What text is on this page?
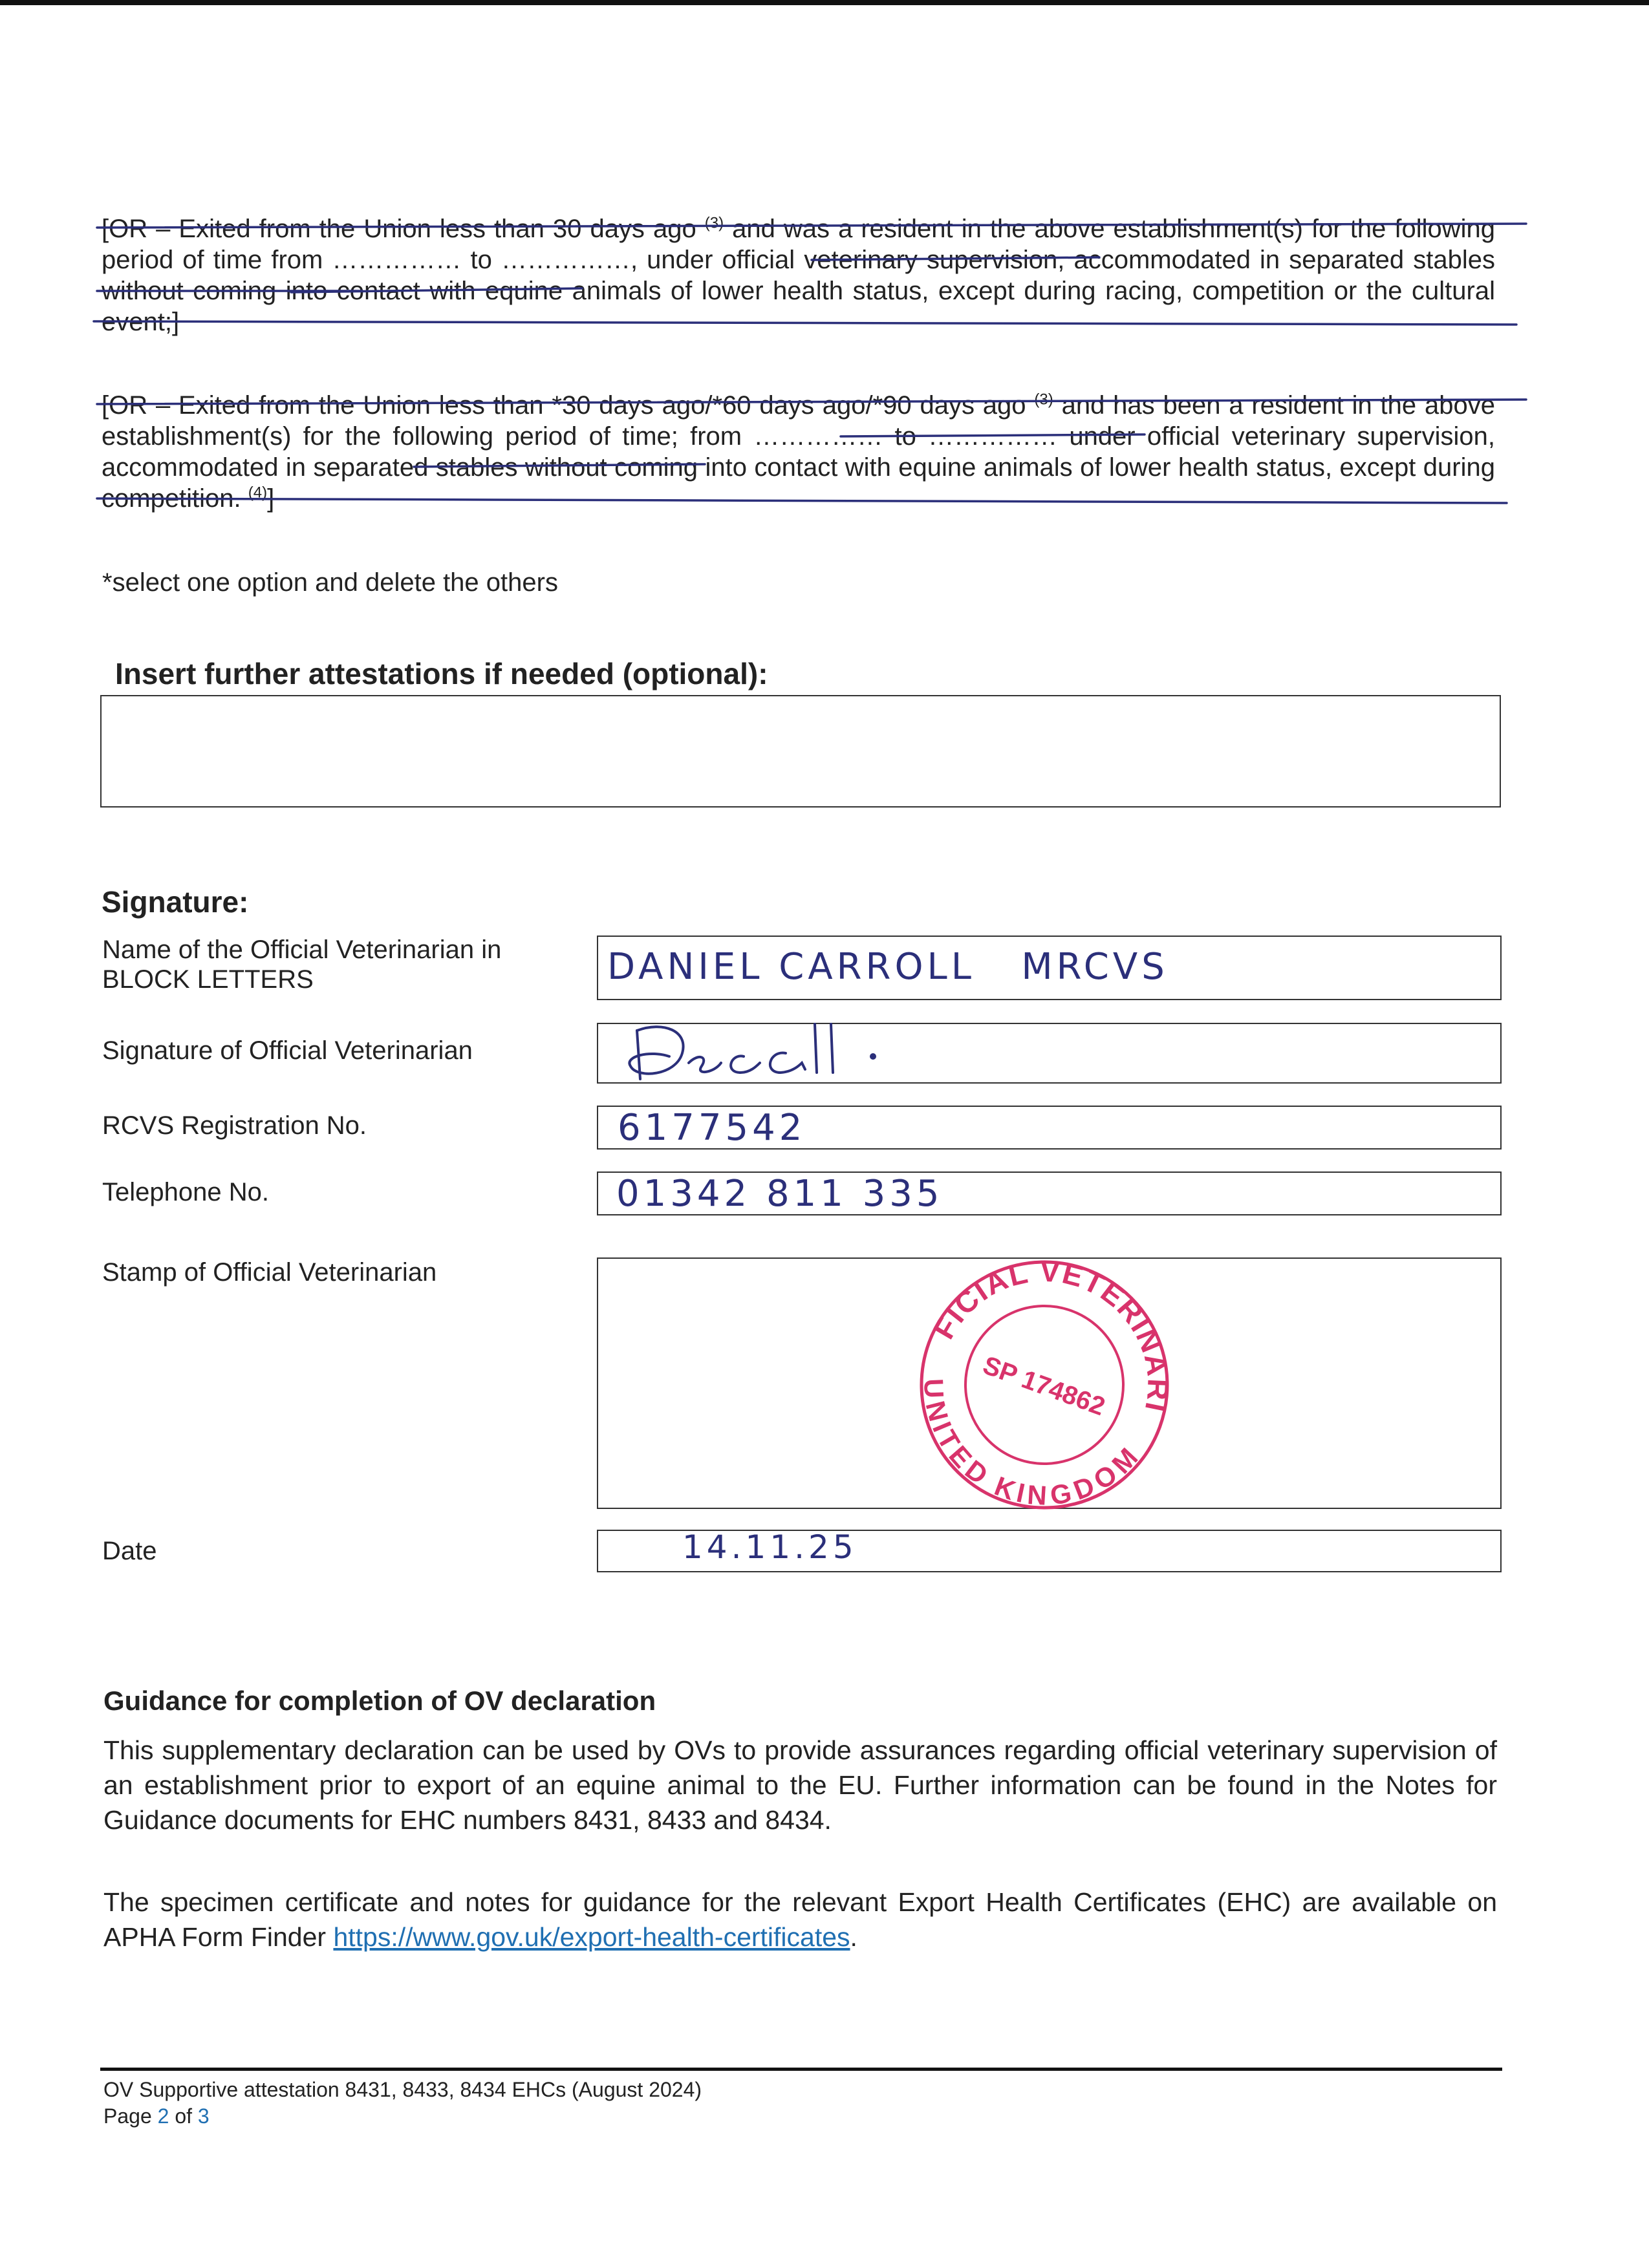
[OR – Exited from the Union less than 30 days ago $^{(3)}$ and was a resident in the above establishment(s) for the following period of time from …………… to ……………, under official veterinary supervision, accommodated in separated stables without coming into contact with equine animals of lower health status, except during racing, competition or the cultural event;]
[OR – Exited from the Union less than *30 days ago/*60 days ago/*90 days ago $^{(3)}$ and has been a resident in the above establishment(s) for the following period of time; from …………… to …………… under official veterinary supervision, accommodated in separated stables without coming into contact with equine animals of lower health status, except during competition. $^{(4)}$]
*select one option and delete the others
Insert further attestations if needed (optional):
Signature:
Name of the Official Veterinarian in
BLOCK LETTERS	DANIEL CARROLL   MRCVS
Signature of Official Veterinarian
RCVS Registration No.	6177542
Telephone No.	01342 811 335
Stamp of Official Veterinarian
OFFICIAL VETERINARIAN
UNITED KINGDOM
SP 174862
Date	14.11.25
Guidance for completion of OV declaration
This supplementary declaration can be used by OVs to provide assurances regarding official veterinary supervision of an establishment prior to export of an equine animal to the EU. Further information can be found in the Notes for Guidance documents for EHC numbers 8431, 8433 and 8434.
The specimen certificate and notes for guidance for the relevant Export Health Certificates (EHC) are available on APHA Form Finder https://www.gov.uk/export-health-certificates.
OV Supportive attestation 8431, 8433, 8434 EHCs (August 2024)
Page 2 of 3
